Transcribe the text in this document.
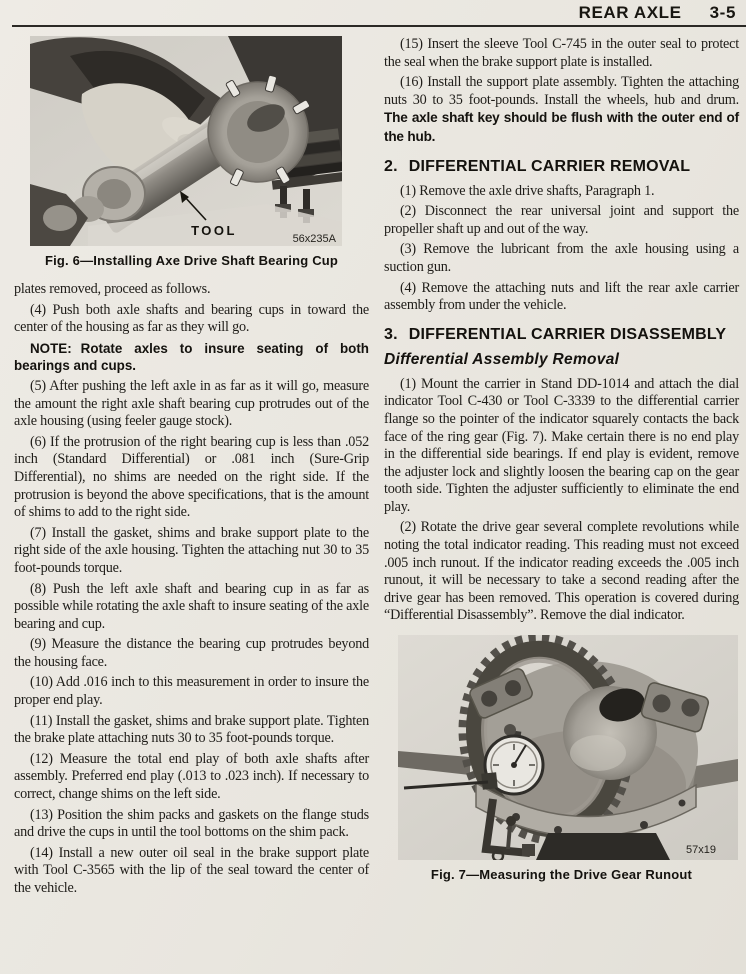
REAR AXLE 3-5
TOOL
56x235A
Fig. 6—Installing Axe Drive Shaft Bearing Cup

plates removed, proceed as follows.

(4) Push both axle shafts and bearing cups in toward the center of the housing as far as they will go.

NOTE: Rotate axles to insure seating of both bearings and cups.

(5) After pushing the left axle in as far as it will go, measure the amount the right axle shaft bearing cup protrudes out of the axle housing (using feeler gauge stock).

(6) If the protrusion of the right bearing cup is less than .052 inch (Standard Differential) or .081 inch (Sure-Grip Differential), no shims are needed on the right side. If the protrusion is beyond the above specifications, that is the amount of shims to add to the right side.

(7) Install the gasket, shims and brake support plate to the right side of the axle housing. Tighten the attaching nut 30 to 35 foot-pounds torque.

(8) Push the left axle shaft and bearing cup in as far as possible while rotating the axle shaft to insure seating of the axle bearing and cup.

(9) Measure the distance the bearing cup protrudes beyond the housing face.

(10) Add .016 inch to this measurement in order to insure the proper end play.

(11) Install the gasket, shims and brake support plate. Tighten the brake plate attaching nuts 30 to 35 foot-pounds torque.

(12) Measure the total end play of both axle shafts after assembly. Preferred end play (.013 to .023 inch). If necessary to correct, change shims on the left side.

(13) Position the shim packs and gaskets on the flange studs and drive the cups in until the tool bottoms on the shim pack.

(14) Install a new outer oil seal in the brake support plate with Tool C-3565 with the lip of the seal toward the center of the vehicle.

(15) Insert the sleeve Tool C-745 in the outer seal to protect the seal when the brake support plate is installed.

(16) Install the support plate assembly. Tighten the attaching nuts 30 to 35 foot-pounds. Install the wheels, hub and drum. The axle shaft key should be flush with the outer end of the hub.

2. DIFFERENTIAL CARRIER REMOVAL

(1) Remove the axle drive shafts, Paragraph 1.

(2) Disconnect the rear universal joint and support the propeller shaft up and out of the way.

(3) Remove the lubricant from the axle housing using a suction gun.

(4) Remove the attaching nuts and lift the rear axle carrier assembly from under the vehicle.

3. DIFFERENTIAL CARRIER DISASSEMBLY
Differential Assembly Removal

(1) Mount the carrier in Stand DD-1014 and attach the dial indicator Tool C-430 or Tool C-3339 to the differential carrier flange so the pointer of the indicator squarely contacts the back face of the ring gear (Fig. 7). Make certain there is no end play in the differential side bearings. If end play is evident, remove the adjuster lock and slightly loosen the bearing cap on the gear tooth side. Tighten the adjuster sufficiently to eliminate the end play.

(2) Rotate the drive gear several complete revolutions while noting the total indicator reading. This reading must not exceed .005 inch runout. If the indicator reading exceeds the .005 inch runout, it will be necessary to take a second reading after the drive gear has been removed. This operation is covered during “Differential Disassembly”. Remove the dial indicator.

57x19
Fig. 7—Measuring the Drive Gear Runout
